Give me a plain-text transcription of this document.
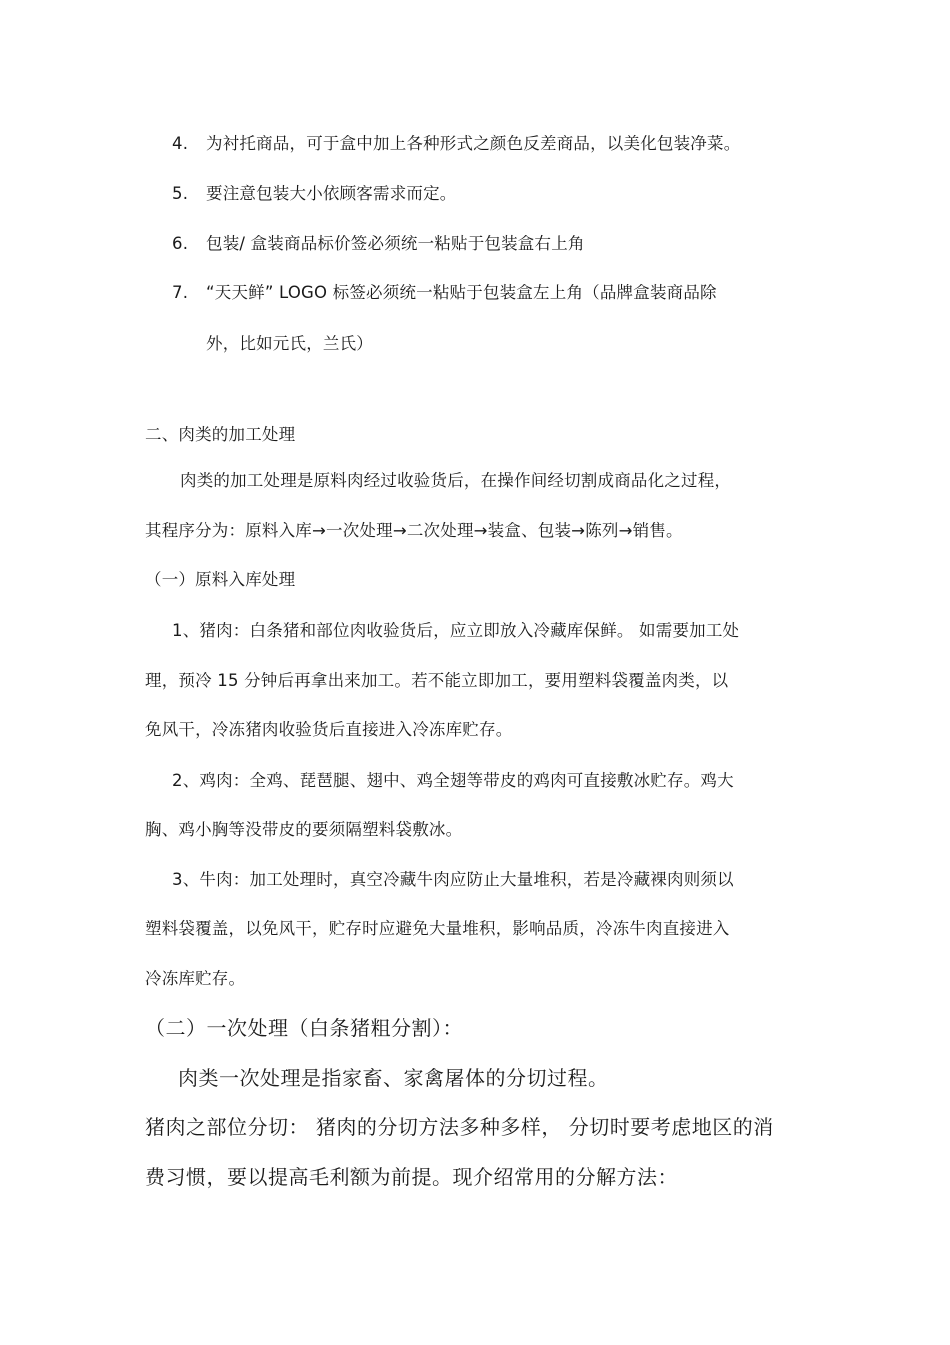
4. 为衬托商品，可于盒中加上各种形式之颜色反差商品，以美化包装净菜。
5. 要注意包装大小依顾客需求而定。
6. 包装/ 盒装商品标价签必须统一粘贴于包装盒右上角
7. “天天鲜” LOGO 标签必须统一粘贴于包装盒左上角（品牌盒装商品除
外，比如元氏，兰氏）
二、肉类的加工处理
肉类的加工处理是原料肉经过收验货后，在操作间经切割成商品化之过程，
其程序分为：原料入库→一次处理→二次处理→装盒、包装→陈列→销售。
（一）原料入库处理
1、猪肉：白条猪和部位肉收验货后，应立即放入冷藏库保鲜。 如需要加工处
理，预冷 15 分钟后再拿出来加工。若不能立即加工，要用塑料袋覆盖肉类，以
免风干，冷冻猪肉收验货后直接进入冷冻库贮存。
2、鸡肉：全鸡、琵琶腿、翅中、鸡全翅等带皮的鸡肉可直接敷冰贮存。鸡大
胸、鸡小胸等没带皮的要须隔塑料袋敷冰。
3、牛肉：加工处理时，真空冷藏牛肉应防止大量堆积，若是冷藏裸肉则须以
塑料袋覆盖，以免风干，贮存时应避免大量堆积，影响品质，冷冻牛肉直接进入
冷冻库贮存。
（二）一次处理（白条猪粗分割）：
肉类一次处理是指家畜、家禽屠体的分切过程。
猪肉之部位分切： 猪肉的分切方法多种多样， 分切时要考虑地区的消
费习惯，要以提高毛利额为前提。现介绍常用的分解方法：
